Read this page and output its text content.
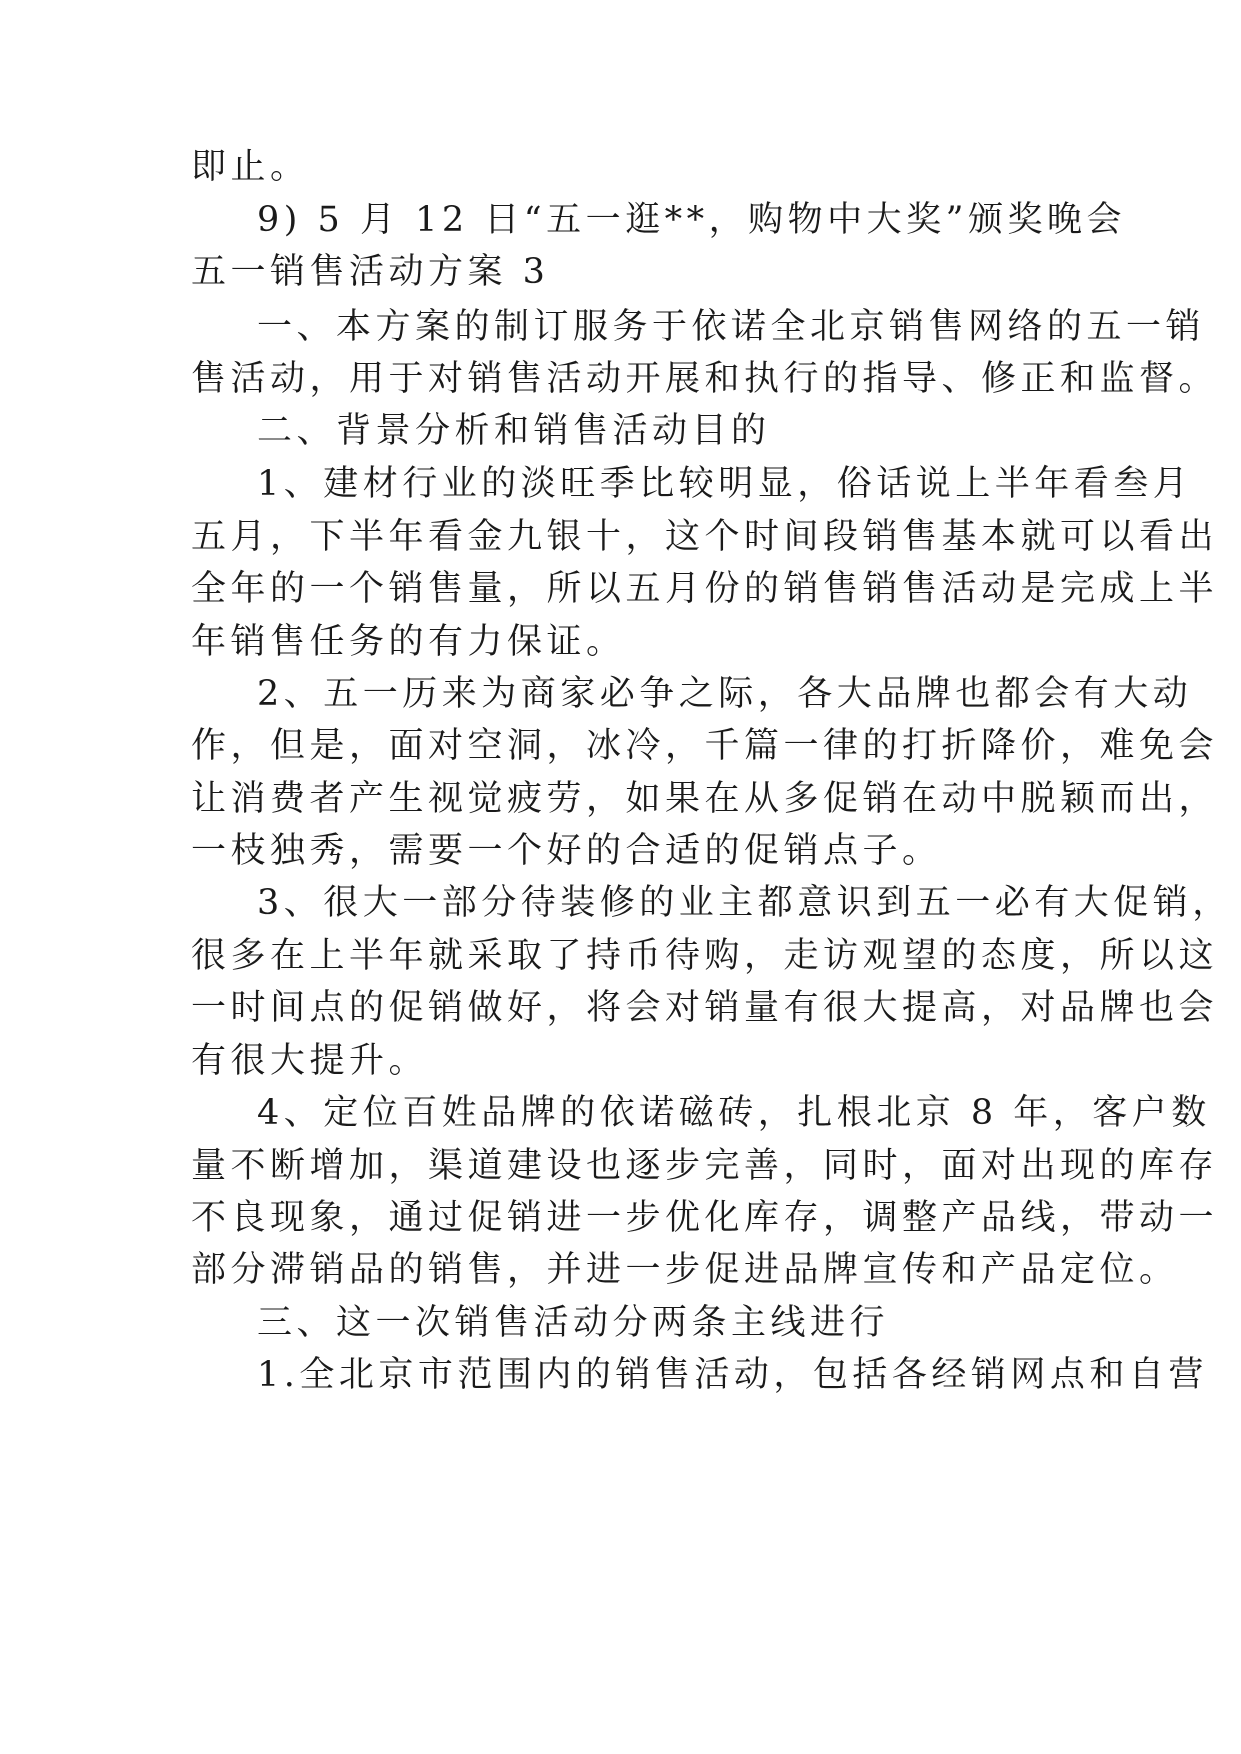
即止。
9) 5 月 12 日“五一逛**，购物中大奖”颁奖晚会
五一销售活动方案 3
一、本方案的制订服务于依诺全北京销售网络的五一销
售活动，用于对销售活动开展和执行的指导、修正和监督。
二、背景分析和销售活动目的
1、建材行业的淡旺季比较明显，俗话说上半年看叁月
五月，下半年看金九银十，这个时间段销售基本就可以看出
全年的一个销售量，所以五月份的销售销售活动是完成上半
年销售任务的有力保证。
2、五一历来为商家必争之际，各大品牌也都会有大动
作，但是，面对空洞，冰冷，千篇一律的打折降价，难免会
让消费者产生视觉疲劳，如果在从多促销在动中脱颖而出，
一枝独秀，需要一个好的合适的促销点子。
3、很大一部分待装修的业主都意识到五一必有大促销，
很多在上半年就采取了持币待购，走访观望的态度，所以这
一时间点的促销做好，将会对销量有很大提高，对品牌也会
有很大提升。
4、定位百姓品牌的依诺磁砖，扎根北京 8 年，客户数
量不断增加，渠道建设也逐步完善，同时，面对出现的库存
不良现象，通过促销进一步优化库存，调整产品线，带动一
部分滞销品的销售，并进一步促进品牌宣传和产品定位。
三、这一次销售活动分两条主线进行
1.全北京市范围内的销售活动，包括各经销网点和自营
